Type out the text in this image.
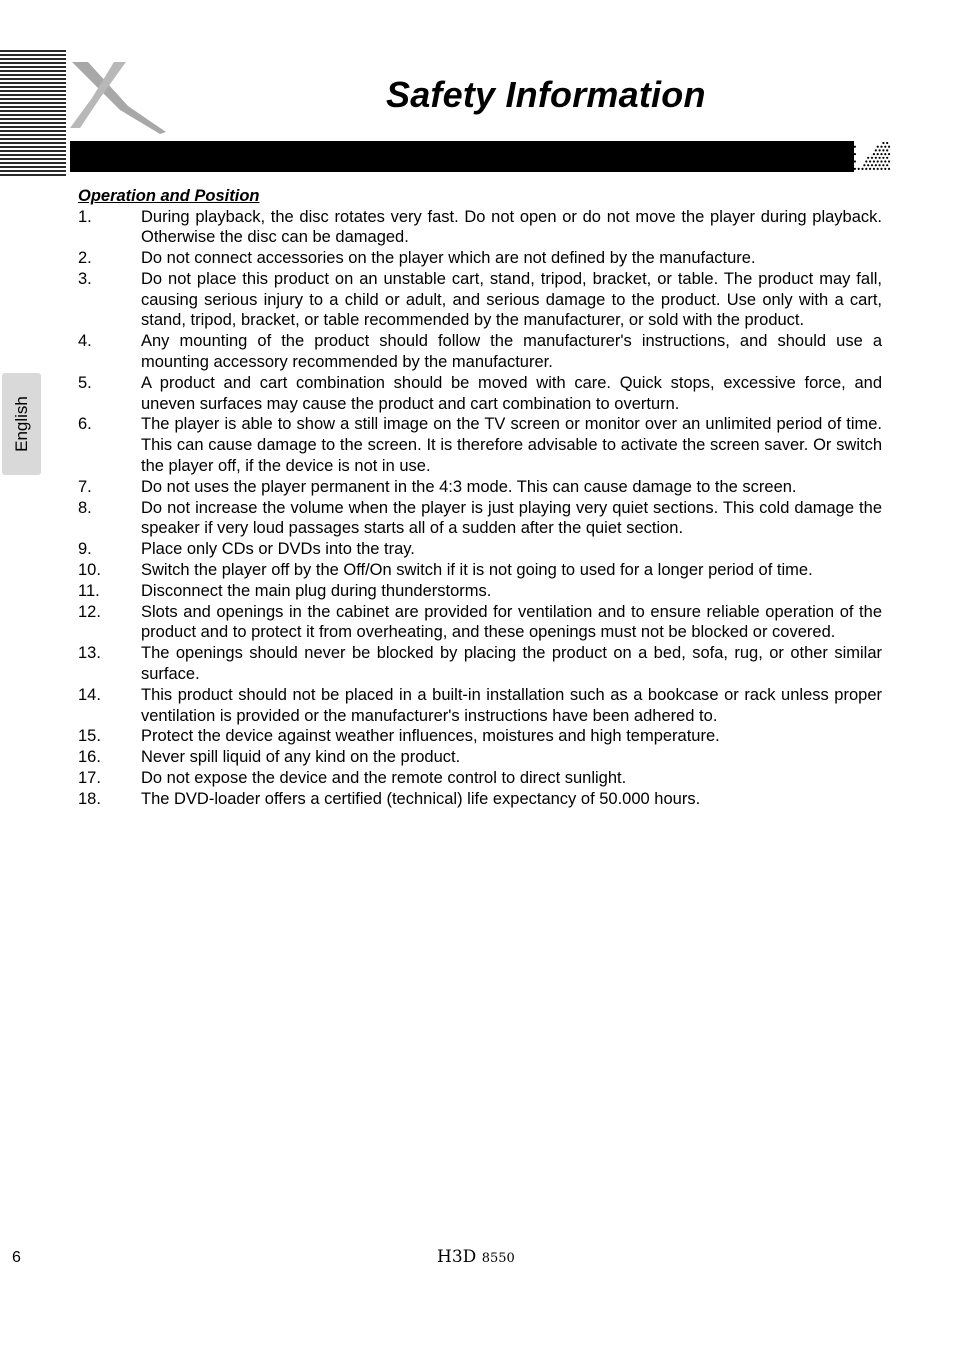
Safety Information
English
Operation and Position
1.	During playback, the disc rotates very fast. Do not open or do not move the player during playback. Otherwise the disc can be damaged.
2.	Do not connect accessories on the player which are not defined by the manufacture.
3.	Do not place this product on an unstable cart, stand, tripod, bracket, or table. The product may fall, causing serious injury to a child or adult, and serious damage to the product. Use only with a cart, stand, tripod, bracket, or table recommended by the manufacturer, or sold with the product.
4.	Any mounting of the product should follow the manufacturer's instructions, and should use a mounting accessory recommended by the manufacturer.
5.	A product and cart combination should be moved with care. Quick stops, excessive force, and uneven surfaces may cause the product and cart combination to overturn.
6.	The player is able to show a still image on the TV screen or monitor over an unlimited period of time. This can cause damage to the screen. It is therefore advisable to activate the screen saver. Or switch the player off, if the device is not in use.
7.	Do not uses the player permanent in the 4:3 mode. This can cause damage to the screen.
8.	Do not increase the volume when the player is just playing very quiet sections. This cold damage the speaker if very loud passages starts all of a sudden after the quiet section.
9.	Place only CDs or DVDs into the tray.
10.	Switch the player off by the Off/On switch if it is not going to used for a longer period of time.
11.	Disconnect the main plug during thunderstorms.
12.	Slots and openings in the cabinet are provided for ventilation and to ensure reliable operation of the product and to protect it from overheating, and these openings must not be blocked or covered.
13.	The openings should never be blocked by placing the product on a bed, sofa, rug, or other similar surface.
14.	This product should not be placed in a built-in installation such as a bookcase or rack unless proper ventilation is provided or the manufacturer's instructions have been adhered to.
15.	Protect the device against weather influences, moistures and high temperature.
16.	Never spill liquid of any kind on the product.
17.	Do not expose the device and the remote control to direct sunlight.
18.	The DVD-loader offers a certified (technical) life expectancy of 50.000 hours.
6	H3D 8550
